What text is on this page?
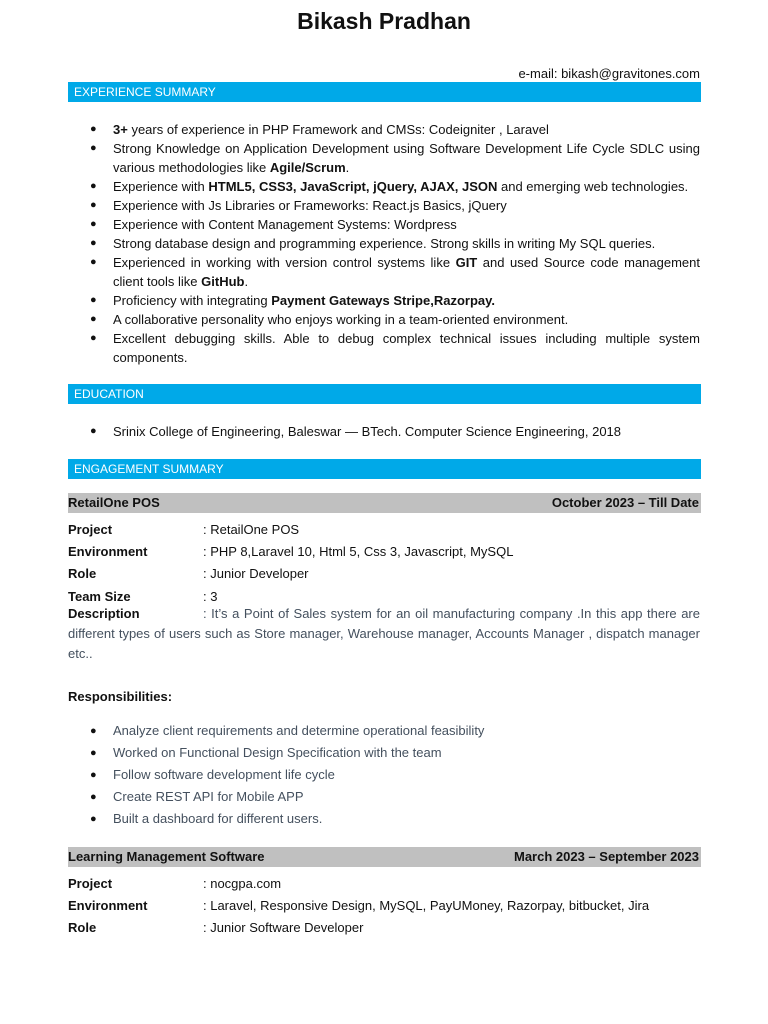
Bikash Pradhan
e-mail: bikash@gravitones.com
EXPERIENCE SUMMARY
● 3+ years of experience in PHP Framework and CMSs: Codeigniter , Laravel
● Strong Knowledge on Application Development using Software Development Life Cycle SDLC using various methodologies like Agile/Scrum.
● Experience with HTML5, CSS3, JavaScript, jQuery, AJAX, JSON and emerging web technologies.
● Experience with Js Libraries or Frameworks: React.js Basics, jQuery
● Experience with Content Management Systems: Wordpress
● Strong database design and programming experience. Strong skills in writing My SQL queries.
● Experienced in working with version control systems like GIT and used Source code management client tools like GitHub.
● Proficiency with integrating Payment Gateways Stripe,Razorpay.
● A collaborative personality who enjoys working in a team-oriented environment.
● Excellent debugging skills. Able to debug complex technical issues including multiple system components.
EDUCATION
● Srinix College of Engineering, Baleswar — BTech. Computer Science Engineering, 2018
ENGAGEMENT SUMMARY
RetailOne POS	October 2023 – Till Date
Project	: RetailOne POS
Environment	: PHP 8,Laravel 10, Html 5, Css 3, Javascript, MySQL
Role	: Junior Developer
Team Size	: 3
Description	: It’s a Point of Sales system for an oil manufacturing company .In this app there are different types of users such as Store manager, Warehouse manager, Accounts Manager , dispatch manager etc..
Responsibilities:
● Analyze client requirements and determine operational feasibility
● Worked on Functional Design Specification with the team
● Follow software development life cycle
● Create REST API for Mobile APP
● Built a dashboard for different users.
Learning Management Software	March 2023 – September 2023
Project	: nocgpa.com
Environment	: Laravel, Responsive Design, MySQL, PayUMoney, Razorpay, bitbucket, Jira
Role	: Junior Software Developer
